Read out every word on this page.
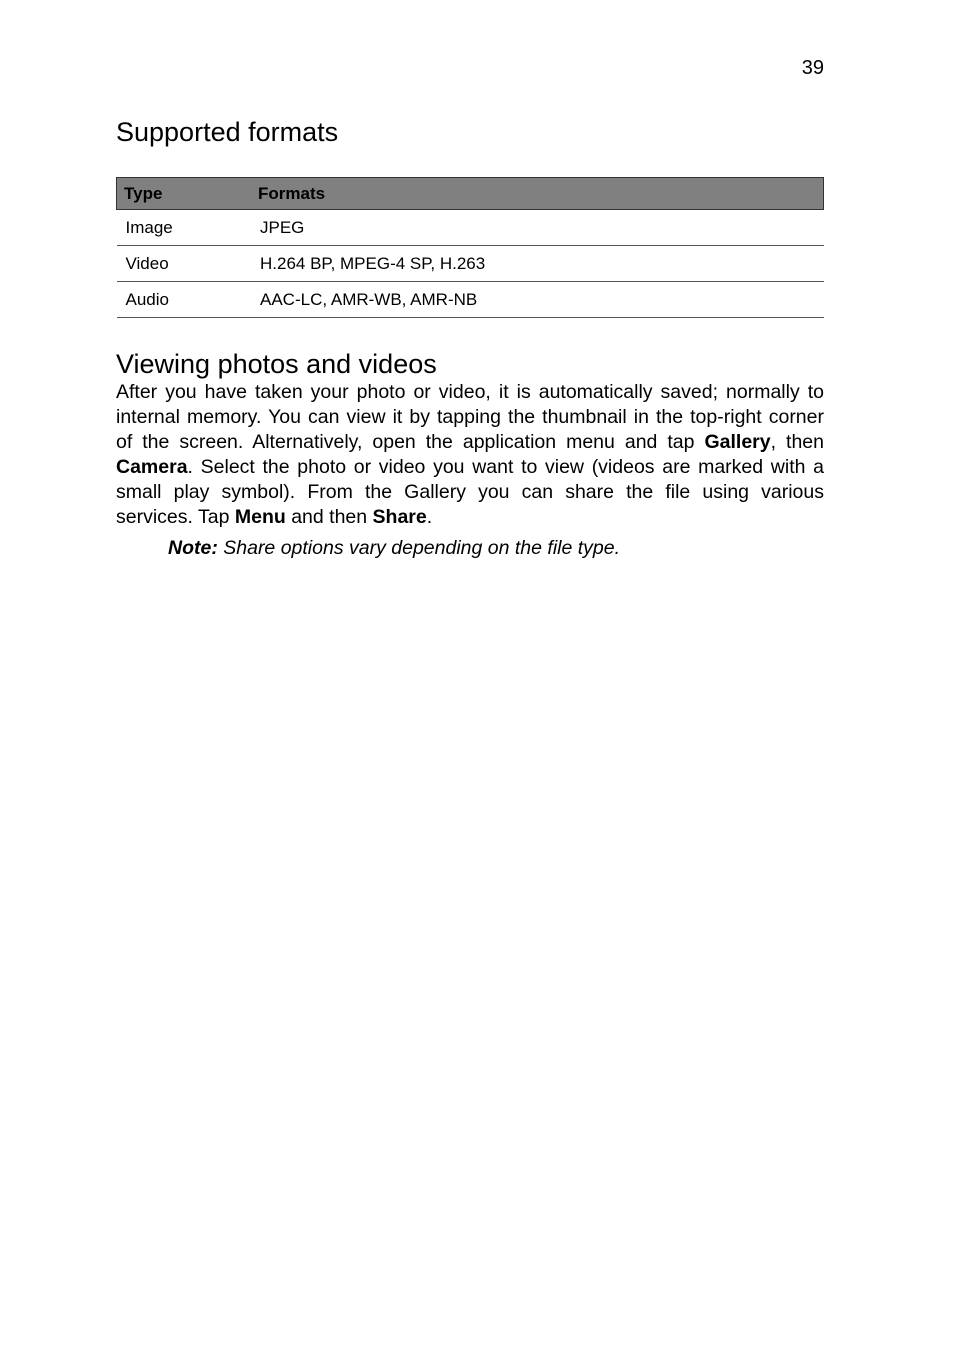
39
Supported formats
Type	Formats
Image	JPEG
Video	H.264 BP, MPEG-4 SP, H.263
Audio	AAC-LC, AMR-WB, AMR-NB
Viewing photos and videos

After you have taken your photo or video, it is automatically saved; normally to internal memory. You can view it by tapping the thumbnail in the top-right corner of the screen. Alternatively, open the application menu and tap Gallery, then Camera. Select the photo or video you want to view (videos are marked with a small play symbol). From the Gallery you can share the file using various services. Tap Menu and then Share.

Note: Share options vary depending on the file type.
